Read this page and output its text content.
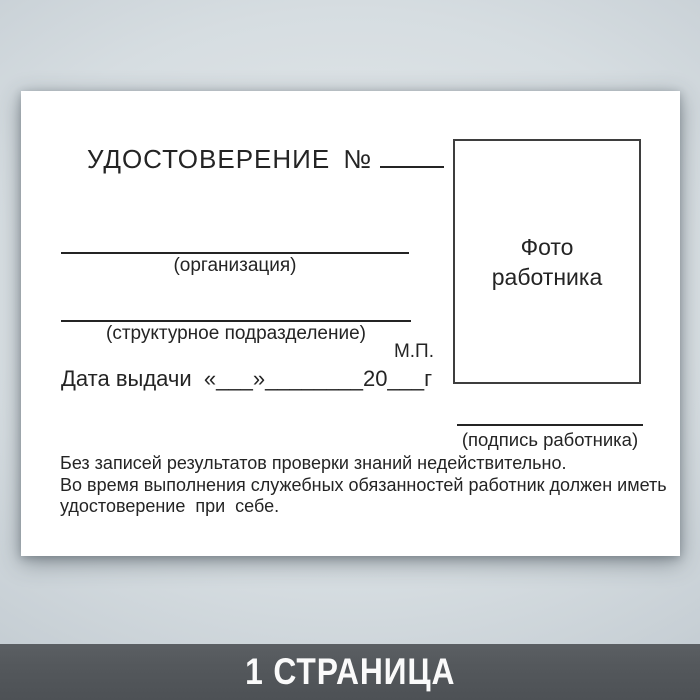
УДОСТОВЕРЕНИЕ №
(организация)
(структурное подразделение)
М.П.
Дата выдачи  «___»________20___г
Фото
работника
(подпись работника)
Без записей результатов проверки знаний недействительно.
Во время выполнения служебных обязанностей работник должен иметь
удостоверение  при  себе.
1 СТРАНИЦА
